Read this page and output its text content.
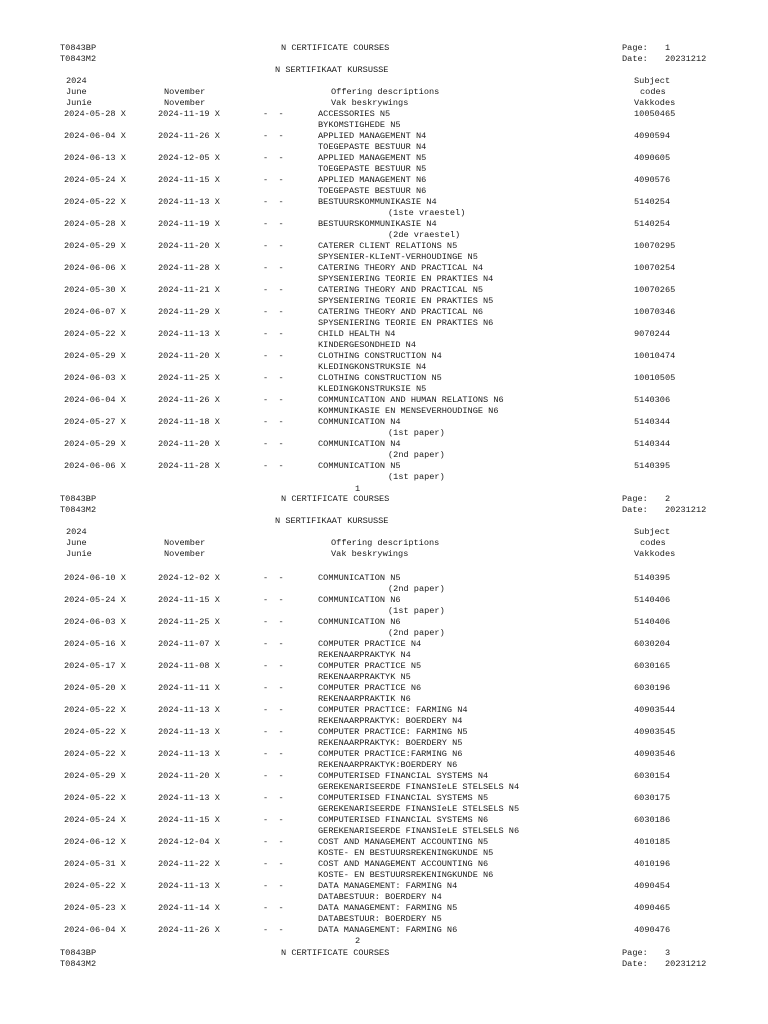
T0843BP
T0843M2
N CERTIFICATE COURSES
N SERTIFIKAAT KURSUSSE
Page: 1
Date: 20231212
2024
June
Junie
November
November
Offering descriptions
Vak beskrywings
Subject
codes
Vakkodes
2024-05-28 X	2024-11-19 X	-  -	ACCESSORIES N5
BYKOMSTIGHEDE N5
10050465
2024-06-04 X	2024-11-26 X	-  -	APPLIED MANAGEMENT N4
TOEGEPASTE BESTUUR N4
4090594
2024-06-13 X	2024-12-05 X	-  -	APPLIED MANAGEMENT N5
TOEGEPASTE BESTUUR N5
4090605
2024-05-24 X	2024-11-15 X	-  -	APPLIED MANAGEMENT N6
TOEGEPASTE BESTUUR N6
4090576
2024-05-22 X	2024-11-13 X	-  -	BESTUURSKOMMUNIKASIE N4
(1ste vraestel)
5140254
2024-05-28 X	2024-11-19 X	-  -	BESTUURSKOMMUNIKASIE N4
(2de vraestel)
5140254
2024-05-29 X	2024-11-20 X	-  -	CATERER CLIENT RELATIONS N5
SPYSENIER-KLIeNT-VERHOUDINGE N5
10070295
2024-06-06 X	2024-11-28 X	-  -	CATERING THEORY AND PRACTICAL N4
SPYSENIERING TEORIE EN PRAKTIES N4
10070254
2024-05-30 X	2024-11-21 X	-  -	CATERING THEORY AND PRACTICAL N5
SPYSENIERING TEORIE EN PRAKTIES N5
10070265
2024-06-07 X	2024-11-29 X	-  -	CATERING THEORY AND PRACTICAL N6
SPYSENIERING TEORIE EN PRAKTIES N6
10070346
2024-05-22 X	2024-11-13 X	-  -	CHILD HEALTH N4
KINDERGESONDHEID N4
9070244
2024-05-29 X	2024-11-20 X	-  -	CLOTHING CONSTRUCTION N4
KLEDINGKONSTRUKSIE N4
10010474
2024-06-03 X	2024-11-25 X	-  -	CLOTHING CONSTRUCTION N5
KLEDINGKONSTRUKSIE N5
10010505
2024-06-04 X	2024-11-26 X	-  -	COMMUNICATION AND HUMAN RELATIONS N6
KOMMUNIKASIE EN MENSEVERHOUDINGE N6
5140306
2024-05-27 X	2024-11-18 X	-  -	COMMUNICATION N4
(1st paper)
5140344
2024-05-29 X	2024-11-20 X	-  -	COMMUNICATION N4
(2nd paper)
5140344
2024-06-06 X	2024-11-28 X	-  -	COMMUNICATION N5
(1st paper)
5140395
1
T0843BP
T0843M2
N CERTIFICATE COURSES
N SERTIFIKAAT KURSUSSE
Page: 2
Date: 20231212
2024
June
Junie
November
November
Offering descriptions
Vak beskrywings
Subject
codes
Vakkodes
2024-06-10 X	2024-12-02 X	-  -	COMMUNICATION N5
(2nd paper)
5140395
2024-05-24 X	2024-11-15 X	-  -	COMMUNICATION N6
(1st paper)
5140406
2024-06-03 X	2024-11-25 X	-  -	COMMUNICATION N6
(2nd paper)
5140406
2024-05-16 X	2024-11-07 X	-  -	COMPUTER PRACTICE N4
REKENAARPRAKTYK N4
6030204
2024-05-17 X	2024-11-08 X	-  -	COMPUTER PRACTICE N5
REKENAARPRAKTYK N5
6030165
2024-05-20 X	2024-11-11 X	-  -	COMPUTER PRACTICE N6
REKENAARPRAKTIK N6
6030196
2024-05-22 X	2024-11-13 X	-  -	COMPUTER PRACTICE: FARMING N4
REKENAARPRAKTYK: BOERDERY N4
40903544
2024-05-22 X	2024-11-13 X	-  -	COMPUTER PRACTICE: FARMING N5
REKENAARPRAKTYK: BOERDERY N5
40903545
2024-05-22 X	2024-11-13 X	-  -	COMPUTER PRACTICE:FARMING N6
REKENAARPRAKTYK:BOERDERY N6
40903546
2024-05-29 X	2024-11-20 X	-  -	COMPUTERISED FINANCIAL SYSTEMS N4
GEREKENARISEERDE FINANSIeLE STELSELS N4
6030154
2024-05-22 X	2024-11-13 X	-  -	COMPUTERISED FINANCIAL SYSTEMS N5
GEREKENARISEERDE FINANSIeLE STELSELS N5
6030175
2024-05-24 X	2024-11-15 X	-  -	COMPUTERISED FINANCIAL SYSTEMS N6
GEREKENARISEERDE FINANSIeLE STELSELS N6
6030186
2024-06-12 X	2024-12-04 X	-  -	COST AND MANAGEMENT ACCOUNTING N5
KOSTE- EN BESTUURSREKENINGKUNDE N5
4010185
2024-05-31 X	2024-11-22 X	-  -	COST AND MANAGEMENT ACCOUNTING N6
KOSTE- EN BESTUURSREKENINGKUNDE N6
4010196
2024-05-22 X	2024-11-13 X	-  -	DATA MANAGEMENT: FARMING N4
DATABESTUUR: BOERDERY N4
4090454
2024-05-23 X	2024-11-14 X	-  -	DATA MANAGEMENT: FARMING N5
DATABESTUUR: BOERDERY N5
4090465
2024-06-04 X	2024-11-26 X	-  -	DATA MANAGEMENT: FARMING N6	4090476
2
T0843BP
T0843M2
N CERTIFICATE COURSES	Page: 3
Date: 20231212
